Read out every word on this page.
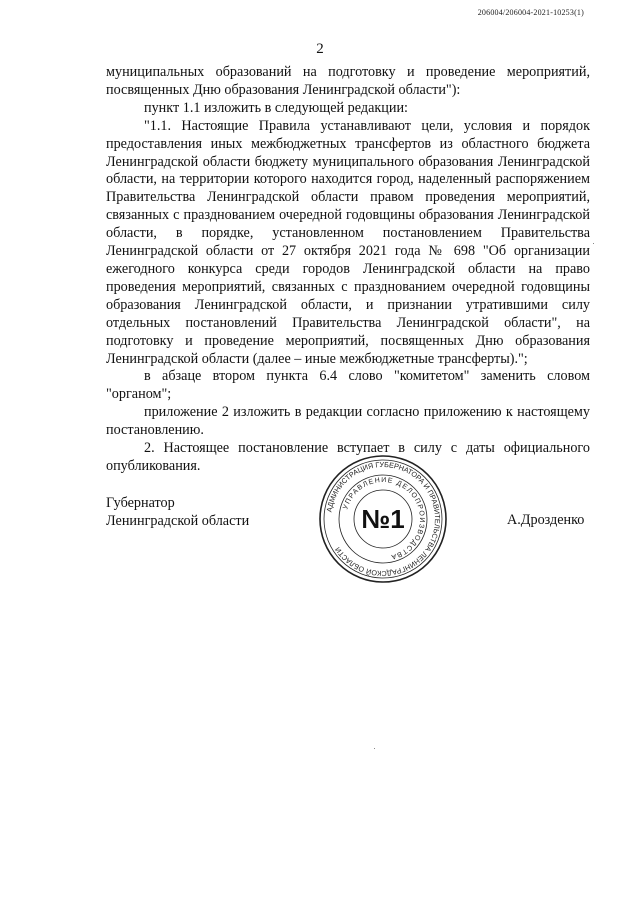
206004/206004-2021-10253(1)
2

муниципальных образований на подготовку и проведение мероприятий, посвященных Дню образования Ленинградской области"):

пункт 1.1 изложить в следующей редакции:

"1.1. Настоящие Правила устанавливают цели, условия и порядок предоставления иных межбюджетных трансфертов из областного бюджета Ленинградской области бюджету муниципального образования Ленинградской области, на территории которого находится город, наделенный распоряжением Правительства Ленинградской области правом проведения мероприятий, связанных с празднованием очередной годовщины образования Ленинградской области, в порядке, установленном постановлением Правительства Ленинградской области от 27 октября 2021 года № 698 "Об организации ежегодного конкурса среди городов Ленинградской области на право проведения мероприятий, связанных с празднованием очередной годовщины образования Ленинградской области, и признании утратившими силу отдельных постановлений Правительства Ленинградской области", на подготовку и проведение мероприятий, посвященных Дню образования Ленинградской области (далее – иные межбюджетные трансферты).";

в абзаце втором пункта 6.4 слово "комитетом" заменить словом "органом";

приложение 2 изложить в редакции согласно приложению к настоящему постановлению.

2. Настоящее постановление вступает в силу с даты официального опубликования.

Губернатор
Ленинградской области	А.Дрозденко
АДМИНИСТРАЦИЯ ГУБЕРНАТОРА И ПРАВИТЕЛЬСТВА ЛЕНИНГРАДСКОЙ ОБЛАСТИ
УПРАВЛЕНИЕ ДЕЛОПРОИЗВОДСТВА
№1
